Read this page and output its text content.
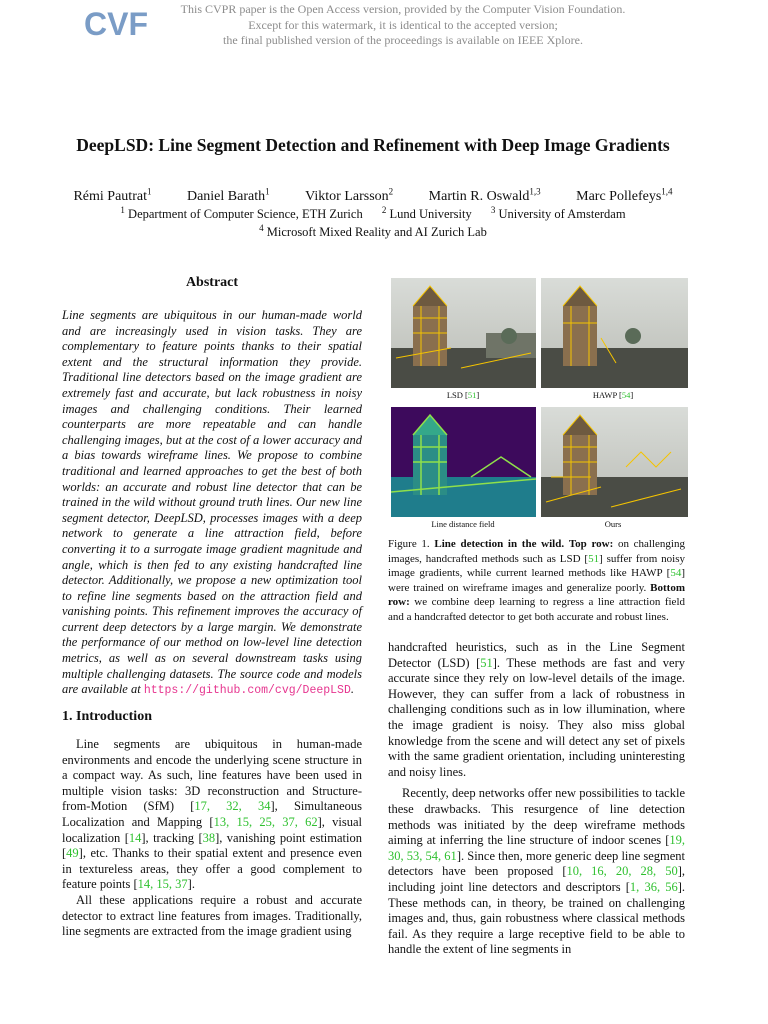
CVF	This CVPR paper is the Open Access version, provided by the Computer Vision Foundation.
Except for this watermark, it is identical to the accepted version;
the final published version of the proceedings is available on IEEE Xplore.
DeepLSD: Line Segment Detection and Refinement with Deep Image Gradients
Rémi Pautrat$^1$	Daniel Barath$^1$	Viktor Larsson$^2$	Martin R. Oswald$^{1,3}$	Marc Pollefeys$^{1,4}$
$^1$ Department of Computer Science, ETH Zurich $^2$ Lund University $^3$ University of Amsterdam
$^4$ Microsoft Mixed Reality and AI Zurich Lab
Abstract

Line segments are ubiquitous in our human-made world and are increasingly used in vision tasks. They are complementary to feature points thanks to their spatial extent and the structural information they provide. Traditional line detectors based on the image gradient are extremely fast and accurate, but lack robustness in noisy images and challenging conditions. Their learned counterparts are more repeatable and can handle challenging images, but at the cost of a lower accuracy and a bias towards wireframe lines. We propose to combine traditional and learned approaches to get the best of both worlds: an accurate and robust line detector that can be trained in the wild without ground truth lines. Our new line segment detector, DeepLSD, processes images with a deep network to generate a line attraction field, before converting it to a surrogate image gradient magnitude and angle, which is then fed to any existing handcrafted line detector. Additionally, we propose a new optimization tool to refine line segments based on the attraction field and vanishing points. This refinement improves the accuracy of current deep detectors by a large margin. We demonstrate the performance of our method on low-level line detection metrics, as well as on several downstream tasks using multiple challenging datasets. The source code and models are available at https://github.com/cvg/DeepLSD.

1. Introduction

Line segments are ubiquitous in human-made environments and encode the underlying scene structure in a compact way. As such, line features have been used in multiple vision tasks: 3D reconstruction and Structure-from-Motion (SfM) [17, 32, 34], Simultaneous Localization and Mapping [13, 15, 25, 37, 62], visual localization [14], tracking [38], vanishing point estimation [49], etc. Thanks to their spatial extent and presence even in textureless areas, they offer a good complement to feature points [14, 15, 37].

All these applications require a robust and accurate detector to extract line features from images. Traditionally, line segments are extracted from the image gradient using

LSD [51]	HAWP [54]
Line distance field	Ours
Figure 1. Line detection in the wild. Top row: on challenging images, handcrafted methods such as LSD [51] suffer from noisy image gradients, while current learned methods like HAWP [54] were trained on wireframe images and generalize poorly. Bottom row: we combine deep learning to regress a line attraction field and a handcrafted detector to get both accurate and robust lines.

handcrafted heuristics, such as in the Line Segment Detector (LSD) [51]. These methods are fast and very accurate since they rely on low-level details of the image. However, they can suffer from a lack of robustness in challenging conditions such as in low illumination, where the image gradient is noisy. They also miss global knowledge from the scene and will detect any set of pixels with the same gradient orientation, including uninteresting and noisy lines.

Recently, deep networks offer new possibilities to tackle these drawbacks. This resurgence of line detection methods was initiated by the deep wireframe methods aiming at inferring the line structure of indoor scenes [19, 30, 53, 54, 61]. Since then, more generic deep line segment detectors have been proposed [10, 16, 20, 28, 50], including joint line detectors and descriptors [1, 36, 56]. These methods can, in theory, be trained on challenging images and, thus, gain robustness where classical methods fail. As they require a large receptive field to be able to handle the extent of line segments in
